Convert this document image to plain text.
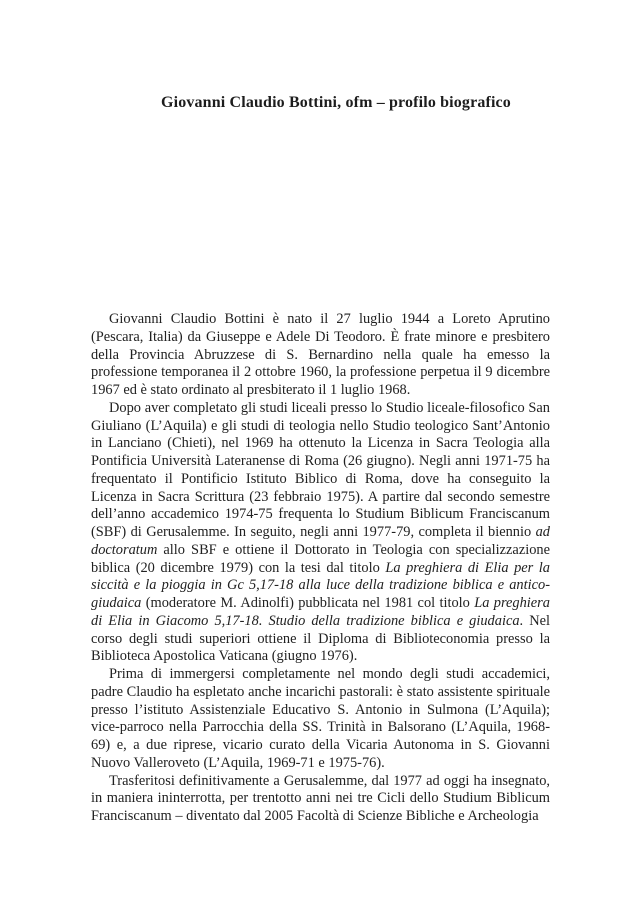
Giovanni Claudio Bottini, ofm – profilo biografico

Giovanni Claudio Bottini è nato il 27 luglio 1944 a Loreto Aprutino (Pescara, Italia) da Giuseppe e Adele Di Teodoro. È frate minore e presbitero della Provincia Abruzzese di S. Bernardino nella quale ha emesso la professione temporanea il 2 ottobre 1960, la professione perpetua il 9 dicembre 1967 ed è stato ordinato al presbiterato il 1 luglio 1968.

Dopo aver completato gli studi liceali presso lo Studio liceale-filosofico San Giuliano (L’Aquila) e gli studi di teologia nello Studio teologico Sant’Antonio in Lanciano (Chieti), nel 1969 ha ottenuto la Licenza in Sacra Teologia alla Pontificia Università Lateranense di Roma (26 giugno). Negli anni 1971-75 ha frequentato il Pontificio Istituto Biblico di Roma, dove ha conseguito la Licenza in Sacra Scrittura (23 febbraio 1975). A partire dal secondo semestre dell’anno accademico 1974-75 frequenta lo Studium Biblicum Franciscanum (SBF) di Gerusalemme. In seguito, negli anni 1977-79, completa il biennio ad doctoratum allo SBF e ottiene il Dottorato in Teologia con specializzazione biblica (20 dicembre 1979) con la tesi dal titolo La preghiera di Elia per la siccità e la pioggia in Gc 5,17-18 alla luce della tradizione biblica e antico-giudaica (moderatore M. Adinolfi) pubblicata nel 1981 col titolo La preghiera di Elia in Giacomo 5,17-18. Studio della tradizione biblica e giudaica. Nel corso degli studi superiori ottiene il Diploma di Biblioteconomia presso la Biblioteca Apostolica Vaticana (giugno 1976).

Prima di immergersi completamente nel mondo degli studi accademici, padre Claudio ha espletato anche incarichi pastorali: è stato assistente spirituale presso l’istituto Assistenziale Educativo S. Antonio in Sulmona (L’Aquila); vice-parroco nella Parrocchia della SS. Trinità in Balsorano (L’Aquila, 1968-69) e, a due riprese, vicario curato della Vicaria Autonoma in S. Giovanni Nuovo Valleroveto (L’Aquila, 1969-71 e 1975-76).

Trasferitosi definitivamente a Gerusalemme, dal 1977 ad oggi ha insegnato, in maniera ininterrotta, per trentotto anni nei tre Cicli dello Studium Biblicum Franciscanum – diventato dal 2005 Facoltà di Scienze Bibliche e Archeologia
